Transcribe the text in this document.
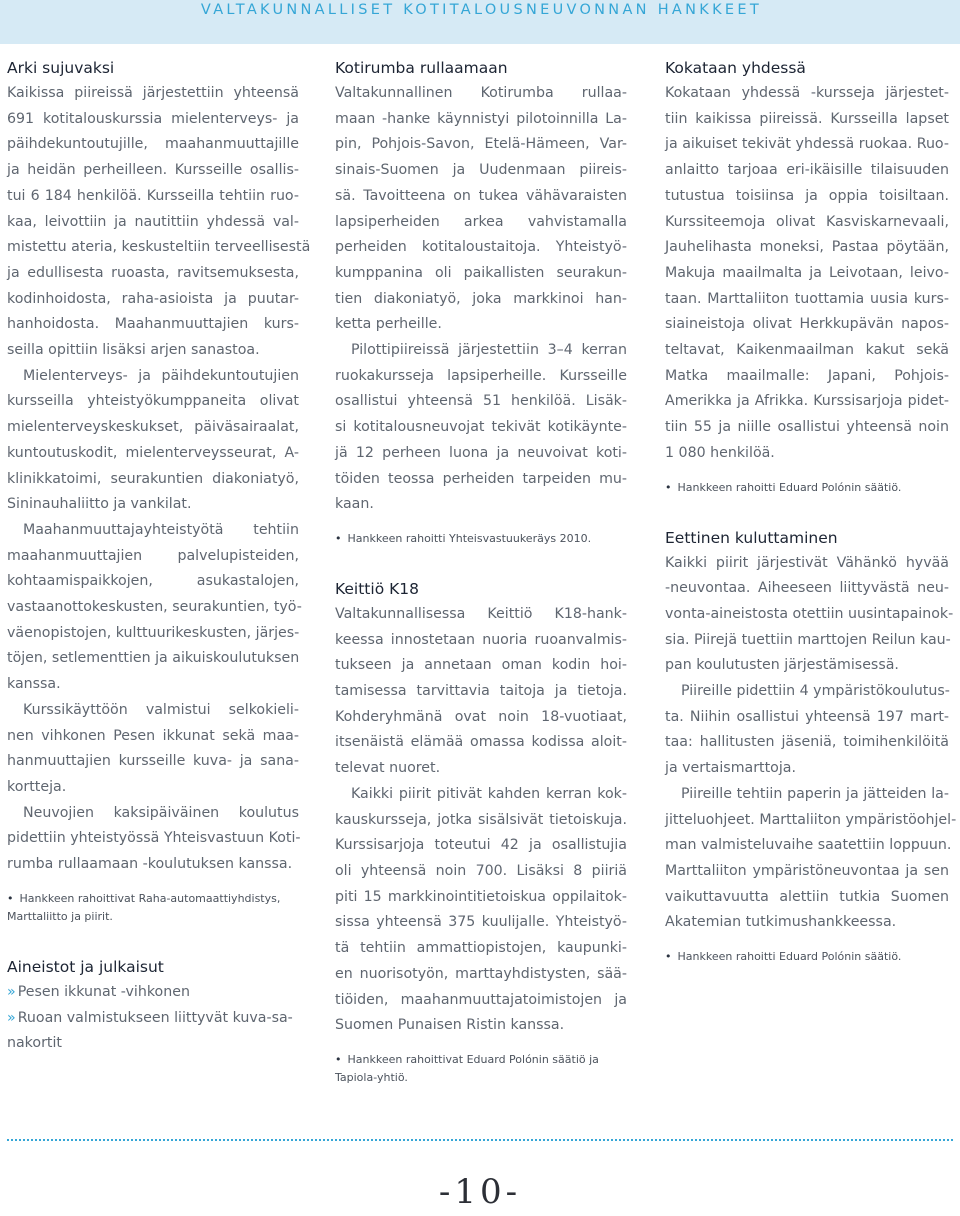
VALTAKUNNALLISET KOTITALOUSNEUVONNAN HANKKEET
Arki sujuvaksi
Kaikissa piireissä järjestettiin yhteensä
691 kotitalouskurssia mielenterveys- ja
päihdekuntoutujille, maahanmuuttajille
ja heidän perheilleen. Kursseille osallis-
tui 6 184 henkilöä. Kursseilla tehtiin ruo-
kaa, leivottiin ja nautittiin yhdessä val-
mistettu ateria, keskusteltiin terveellisestä
ja edullisesta ruoasta, ravitsemuksesta,
kodinhoidosta, raha-asioista ja puutar-
hanhoidosta. Maahanmuuttajien kurs-
seilla opittiin lisäksi arjen sanastoa.
Mielenterveys- ja päihdekuntoutujien
kursseilla yhteistyökumppaneita olivat
mielenterveyskeskukset, päiväsairaalat,
kuntoutuskodit, mielenterveysseurat, A-
klinikkatoimi, seurakuntien diakoniatyö,
Sininauhaliitto ja vankilat.
Maahanmuuttajayhteistyötä tehtiin
maahanmuuttajien palvelupisteiden,
kohtaamispaikkojen, asukastalojen,
vastaanottokeskusten, seurakuntien, työ-
väenopistojen, kulttuurikeskusten, järjes-
töjen, setlementtien ja aikuiskoulutuksen
kanssa.
Kurssikäyttöön valmistui selkokieli-
nen vihkonen Pesen ikkunat sekä maa-
hanmuuttajien kursseille kuva- ja sana-
kortteja.
Neuvojien kaksipäiväinen koulutus
pidettiin yhteistyössä Yhteisvastuun Koti-
rumba rullaamaan -koulutuksen kanssa.
• Hankkeen rahoittivat Raha-automaattiyhdistys,
Marttaliitto ja piirit.
Aineistot ja julkaisut
» Pesen ikkunat -vihkonen
» Ruoan valmistukseen liittyvät kuva-sa-
nakortit
Kotirumba rullaamaan
Valtakunnallinen Kotirumba rullaa-
maan -hanke käynnistyi pilotoinnilla La-
pin, Pohjois-Savon, Etelä-Hämeen, Var-
sinais-Suomen ja Uudenmaan piireis-
sä. Tavoitteena on tukea vähävaraisten
lapsiperheiden arkea vahvistamalla
perheiden kotitaloustaitoja. Yhteistyö-
kumppanina oli paikallisten seurakun-
tien diakoniatyö, joka markkinoi han-
ketta perheille.
Pilottipiireissä järjestettiin 3–4 kerran
ruokakursseja lapsiperheille. Kursseille
osallistui yhteensä 51 henkilöä. Lisäk-
si kotitalousneuvojat tekivät kotikäynte-
jä 12 perheen luona ja neuvoivat koti-
töiden teossa perheiden tarpeiden mu-
kaan.
• Hankkeen rahoitti Yhteisvastuukeräys 2010.
Keittiö K18
Valtakunnallisessa Keittiö K18-hank-
keessa innostetaan nuoria ruoanvalmis-
tukseen ja annetaan oman kodin hoi-
tamisessa tarvittavia taitoja ja tietoja.
Kohderyhmänä ovat noin 18-vuotiaat,
itsenäistä elämää omassa kodissa aloit-
televat nuoret.
Kaikki piirit pitivät kahden kerran kok-
kauskursseja, jotka sisälsivät tietoiskuja.
Kurssisarjoja toteutui 42 ja osallistujia
oli yhteensä noin 700. Lisäksi 8 piiriä
piti 15 markkinointitietoiskua oppilaitok-
sissa yhteensä 375 kuulijalle. Yhteistyö-
tä tehtiin ammattiopistojen, kaupunki-
en nuorisotyön, marttayhdistysten, sää-
tiöiden, maahanmuuttajatoimistojen ja
Suomen Punaisen Ristin kanssa.
• Hankkeen rahoittivat Eduard Polónin säätiö ja
Tapiola-yhtiö.
Kokataan yhdessä
Kokataan yhdessä -kursseja järjestet-
tiin kaikissa piireissä. Kursseilla lapset
ja aikuiset tekivät yhdessä ruokaa. Ruo-
anlaitto tarjoaa eri-ikäisille tilaisuuden
tutustua toisiinsa ja oppia toisiltaan.
Kurssiteemoja olivat Kasviskarnevaali,
Jauhelihasta moneksi, Pastaa pöytään,
Makuja maailmalta ja Leivotaan, leivo-
taan. Marttaliiton tuottamia uusia kurs-
siaineistoja olivat Herkkupävän napos-
teltavat, Kaikenmaailman kakut sekä
Matka maailmalle: Japani, Pohjois-
Amerikka ja Afrikka. Kurssisarjoja pidet-
tiin 55 ja niille osallistui yhteensä noin
1 080 henkilöä.
• Hankkeen rahoitti Eduard Polónin säätiö.
Eettinen kuluttaminen
Kaikki piirit järjestivät Vähänkö hyvää
-neuvontaa. Aiheeseen liittyvästä neu-
vonta-aineistosta otettiin uusintapainok-
sia. Piirejä tuettiin marttojen Reilun kau-
pan koulutusten järjestämisessä.
Piireille pidettiin 4 ympäristökoulutus-
ta. Niihin osallistui yhteensä 197 mart-
taa: hallitusten jäseniä, toimihenkilöitä
ja vertaismarttoja.
Piireille tehtiin paperin ja jätteiden la-
jitteluohjeet. Marttaliiton ympäristöohjel-
man valmisteluvaihe saatettiin loppuun.
Marttaliiton ympäristöneuvontaa ja sen
vaikuttavuutta alettiin tutkia Suomen
Akatemian tutkimushankkeessa.
• Hankkeen rahoitti Eduard Polónin säätiö.
-10-
